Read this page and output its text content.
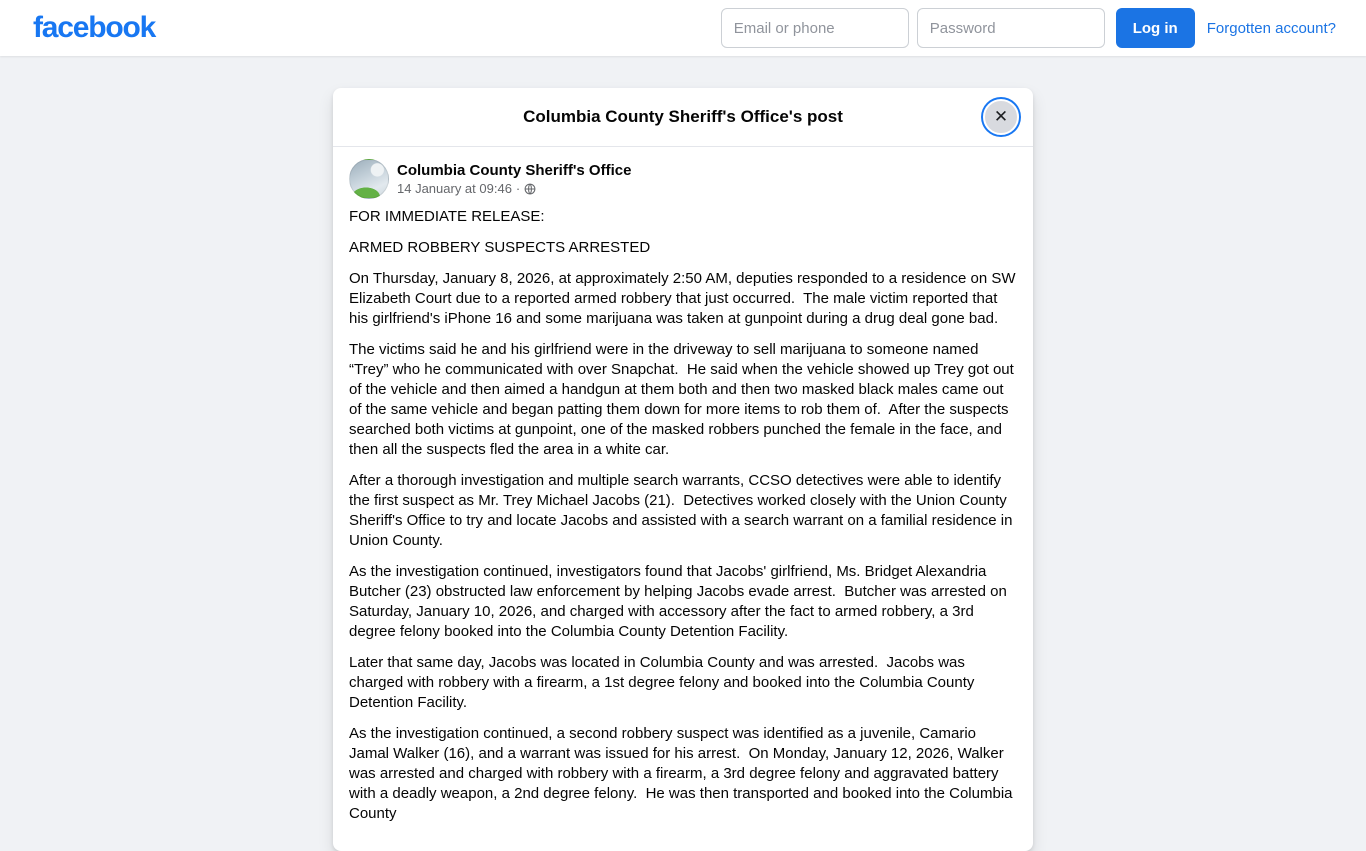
facebook
Email or phone	Log in	Forgotten account?
Columbia County Sheriff's Office's post	✕
Columbia County Sheriff's Office
14 January at 09:46 ·

FOR IMMEDIATE RELEASE:

ARMED ROBBERY SUSPECTS ARRESTED

On Thursday, January 8, 2026, at approximately 2:50 AM, deputies responded to a residence on SW Elizabeth Court due to a reported armed robbery that just occurred.  The male victim reported that his girlfriend's iPhone 16 and some marijuana was taken at gunpoint during a drug deal gone bad.

The victims said he and his girlfriend were in the driveway to sell marijuana to someone named “Trey” who he communicated with over Snapchat.  He said when the vehicle showed up Trey got out of the vehicle and then aimed a handgun at them both and then two masked black males came out of the same vehicle and began patting them down for more items to rob them of.  After the suspects searched both victims at gunpoint, one of the masked robbers punched the female in the face, and then all the suspects fled the area in a white car.

After a thorough investigation and multiple search warrants, CCSO detectives were able to identify the first suspect as Mr. Trey Michael Jacobs (21).  Detectives worked closely with the Union County Sheriff's Office to try and locate Jacobs and assisted with a search warrant on a familial residence in Union County.

As the investigation continued, investigators found that Jacobs' girlfriend, Ms. Bridget Alexandria Butcher (23) obstructed law enforcement by helping Jacobs evade arrest.  Butcher was arrested on Saturday, January 10, 2026, and charged with accessory after the fact to armed robbery, a 3rd degree felony booked into the Columbia County Detention Facility.

Later that same day, Jacobs was located in Columbia County and was arrested.  Jacobs was charged with robbery with a firearm, a 1st degree felony and booked into the Columbia County Detention Facility.

As the investigation continued, a second robbery suspect was identified as a juvenile, Camario Jamal Walker (16), and a warrant was issued for his arrest.  On Monday, January 12, 2026, Walker was arrested and charged with robbery with a firearm, a 3rd degree felony and aggravated battery with a deadly weapon, a 2nd degree felony.  He was then transported and booked into the Columbia County
